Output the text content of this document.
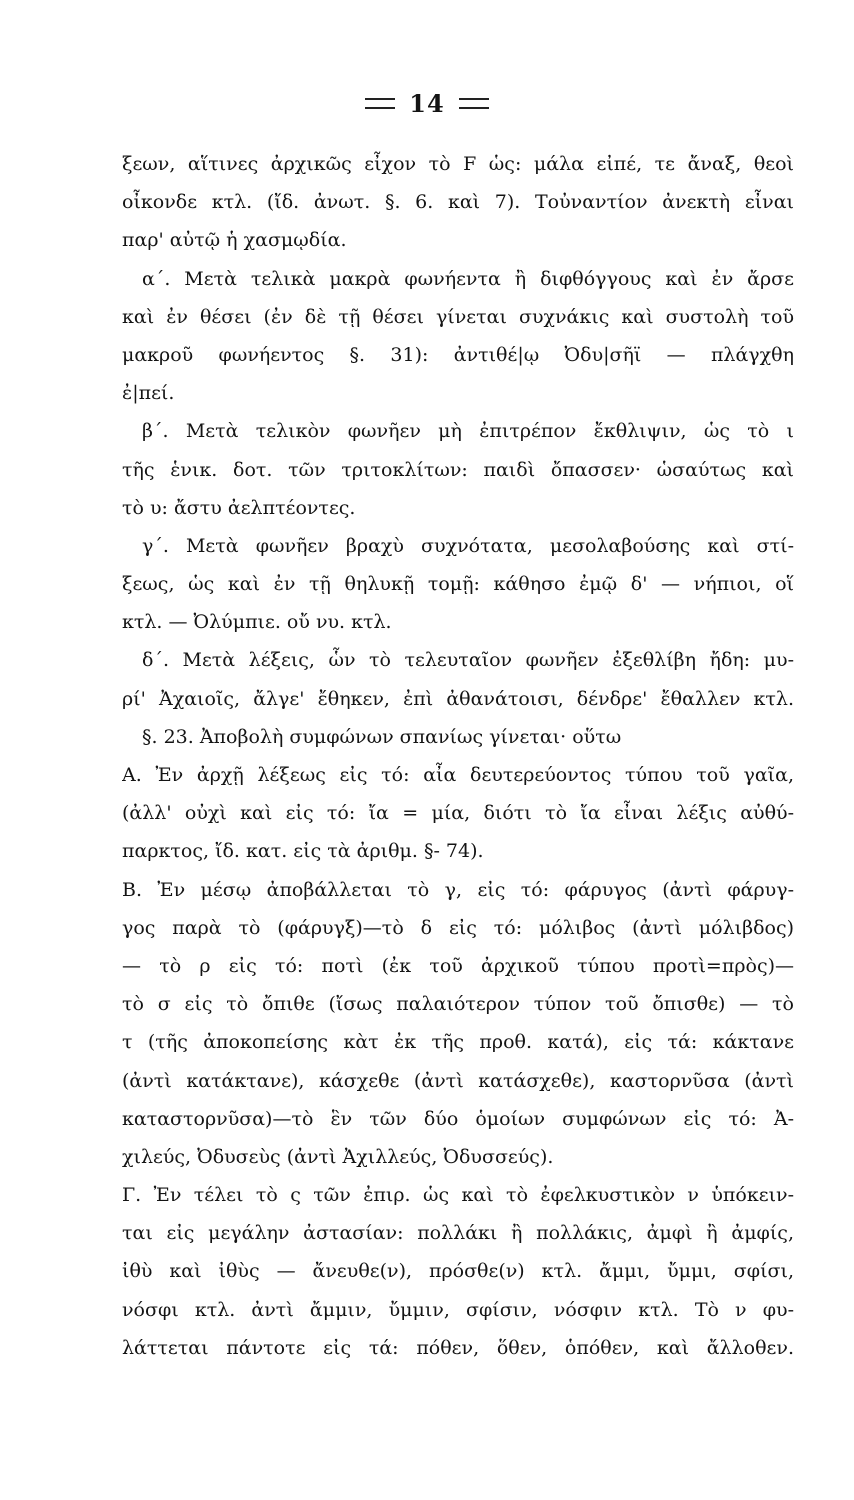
14
ξεων, αἵτινες ἀρχικῶς εἶχον τὸ F ὡς: μάλα εἰπέ, τε ἄναξ, θεοὶ
οἶκονδε κτλ. (ἴδ. ἀνωτ. §. 6. καὶ 7). Τοὐναντίον ἀνεκτὴ εἶναι
παρ' αὐτῷ ἡ χασμῳδία.
α΄. Μετὰ τελικὰ μακρὰ φωνήεντα ἢ διφθόγγους καὶ ἐν ἄρσε
καὶ ἐν θέσει (ἐν δὲ τῇ θέσει γίνεται συχνάκις καὶ συστολὴ τοῦ
μακροῦ φωνήεντος §. 31): ἀντιθέ|ῳ Ὀδυ|σῆϊ — πλάγχθη
ἐ|πεί.
β΄. Μετὰ τελικὸν φωνῆεν μὴ ἐπιτρέπον ἔκθλιψιν, ὡς τὸ ι
τῆς ἑνικ. δοτ. τῶν τριτοκλίτων: παιδὶ ὄπασσεν· ὡσαύτως καὶ
τὸ υ: ἄστυ ἀελπτέοντες.
γ΄. Μετὰ φωνῆεν βραχὺ συχνότατα, μεσολαβούσης καὶ στί-
ξεως, ὡς καὶ ἐν τῇ θηλυκῇ τομῇ: κάθησο ἐμῷ δ' — νήπιοι, οἵ
κτλ. — Ὀλύμπιε. οὔ νυ. κτλ.
δ΄. Μετὰ λέξεις, ὧν τὸ τελευταῖον φωνῆεν ἐξεθλίβη ἤδη: μυ-
ρί' Ἀχαιοῖς, ἄλγε' ἔθηκεν, ἐπὶ ἀθανάτοισι, δένδρε' ἔθαλλεν κτλ.
§. 23. Ἀποβολὴ συμφώνων σπανίως γίνεται· οὕτω
Α. Ἐν ἀρχῇ λέξεως εἰς τό: αἶα δευτερεύοντος τύπου τοῦ γαῖα,
(ἀλλ' οὐχὶ καὶ εἰς τό: ἴα = μία, διότι τὸ ἴα εἶναι λέξις αὐθύ-
παρκτος, ἴδ. κατ. εἰς τὰ ἀριθμ. §- 74).
Β. Ἐν μέσῳ ἀποβάλλεται τὸ γ, εἰς τό: φάρυγος (ἀντὶ φάρυγ-
γος παρὰ τὸ (φάρυγξ)—τὸ δ εἰς τό: μόλιβος (ἀντὶ μόλιβδος)
— τὸ ρ εἰς τό: ποτὶ (ἐκ τοῦ ἀρχικοῦ τύπου προτὶ=πρὸς)—
τὸ σ εἰς τὸ ὄπιθε (ἴσως παλαιότερον τύπον τοῦ ὄπισθε) — τὸ
τ (τῆς ἀποκοπείσης κὰτ ἐκ τῆς προθ. κατά), εἰς τά: κάκτανε
(ἀντὶ κατάκτανε), κάσχεθε (ἀντὶ κατάσχεθε), καστορνῦσα (ἀντὶ
καταστορνῦσα)—τὸ ἓν τῶν δύο ὁμοίων συμφώνων εἰς τό: Ἀ-
χιλεύς, Ὀδυσεὺς (ἀντὶ Ἀχιλλεύς, Ὀδυσσεύς).
Γ. Ἐν τέλει τὸ ς τῶν ἐπιρ. ὡς καὶ τὸ ἐφελκυστικὸν ν ὑπόκειν-
ται εἰς μεγάλην ἀστασίαν: πολλάκι ἢ πολλάκις, ἀμφὶ ἢ ἀμφίς,
ἰθὺ καὶ ἰθὺς — ἄνευθε(ν), πρόσθε(ν) κτλ. ἄμμι, ὔμμι, σφίσι,
νόσφι κτλ. ἀντὶ ἄμμιν, ὔμμιν, σφίσιν, νόσφιν κτλ. Τὸ ν φυ-
λάττεται πάντοτε εἰς τά: πόθεν, ὅθεν, ὁπόθεν, καὶ ἄλλοθεν.
